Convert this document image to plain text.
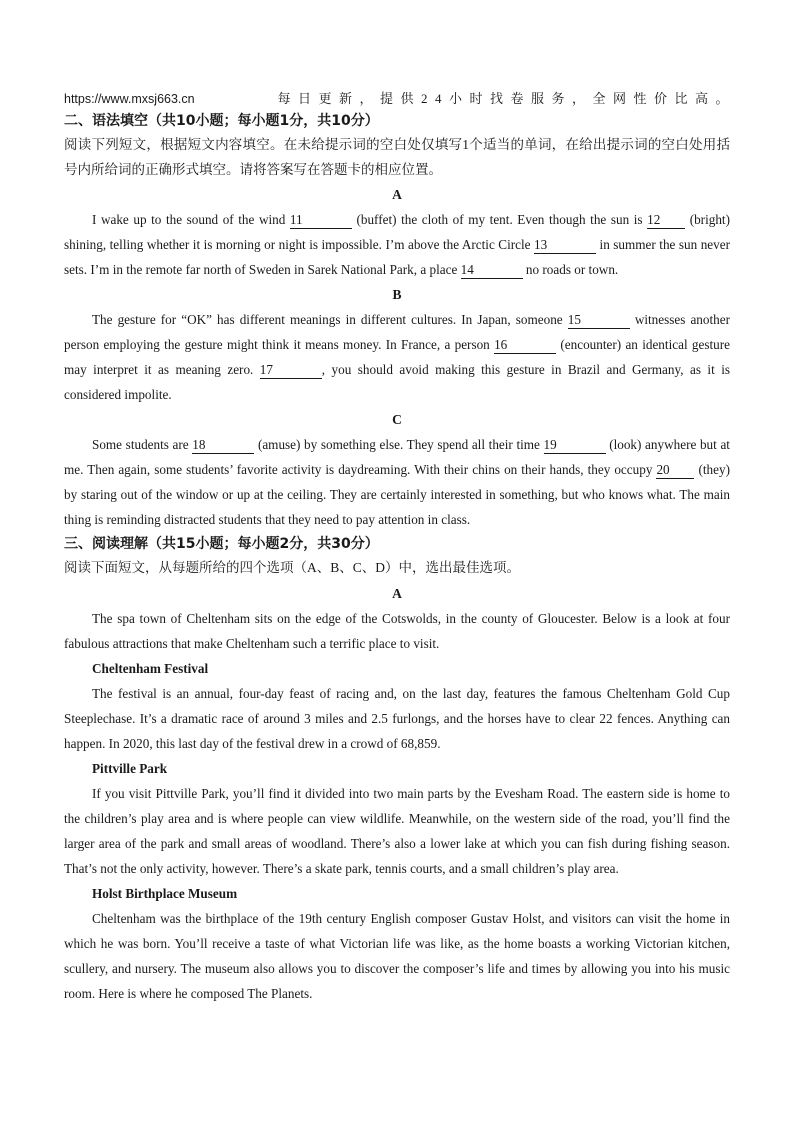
https://www.mxsj663.cn	每日更新，提供24小时找卷服务，全网性价比高。
二、语法填空（共10小题；每小题1分，共10分）
阅读下列短文，根据短文内容填空。在未给提示词的空白处仅填写1个适当的单词，在给出提示词的空白处用括号内所给词的正确形式填空。请将答案写在答题卡的相应位置。
A
I wake up to the sound of the wind 11	(buffet) the cloth of my tent. Even though the sun is 12 (bright) shining, telling whether it is morning or night is impossible. I’m above the Arctic Circle 13	in summer the sun never sets. I’m in the remote far north of Sweden in Sarek National Park, a place 14	no roads or town.
B
The gesture for “OK” has different meanings in different cultures. In Japan, someone 15	witnesses another person employing the gesture might think it means money. In France, a person 16	(encounter) an identical gesture may interpret it as meaning zero. 17	, you should avoid making this gesture in Brazil and Germany, as it is considered impolite.
C
Some students are 18	(amuse) by something else. They spend all their time 19	(look) anywhere but at me. Then again, some students’ favorite activity is daydreaming. With their chins on their hands, they occupy 20 (they) by staring out of the window or up at the ceiling. They are certainly interested in something, but who knows what. The main thing is reminding distracted students that they need to pay attention in class.
三、阅读理解（共15小题；每小题2分，共30分）
阅读下面短文，从每题所给的四个选项（A、B、C、D）中，选出最佳选项。
A
The spa town of Cheltenham sits on the edge of the Cotswolds, in the county of Gloucester. Below is a look at four fabulous attractions that make Cheltenham such a terrific place to visit.
Cheltenham Festival
The festival is an annual, four-day feast of racing and, on the last day, features the famous Cheltenham Gold Cup Steeplechase. It’s a dramatic race of around 3 miles and 2.5 furlongs, and the horses have to clear 22 fences. Anything can happen. In 2020, this last day of the festival drew in a crowd of 68,859.
Pittville Park
If you visit Pittville Park, you’ll find it divided into two main parts by the Evesham Road. The eastern side is home to the children’s play area and is where people can view wildlife. Meanwhile, on the western side of the road, you’ll find the larger area of the park and small areas of woodland. There’s also a lower lake at which you can fish during fishing season. That’s not the only activity, however. There’s a skate park, tennis courts, and a small children’s play area.
Holst Birthplace Museum
Cheltenham was the birthplace of the 19th century English composer Gustav Holst, and visitors can visit the home in which he was born. You’ll receive a taste of what Victorian life was like, as the home boasts a working Victorian kitchen, scullery, and nursery. The museum also allows you to discover the composer’s life and times by allowing you into his music room. Here is where he composed The Planets.
